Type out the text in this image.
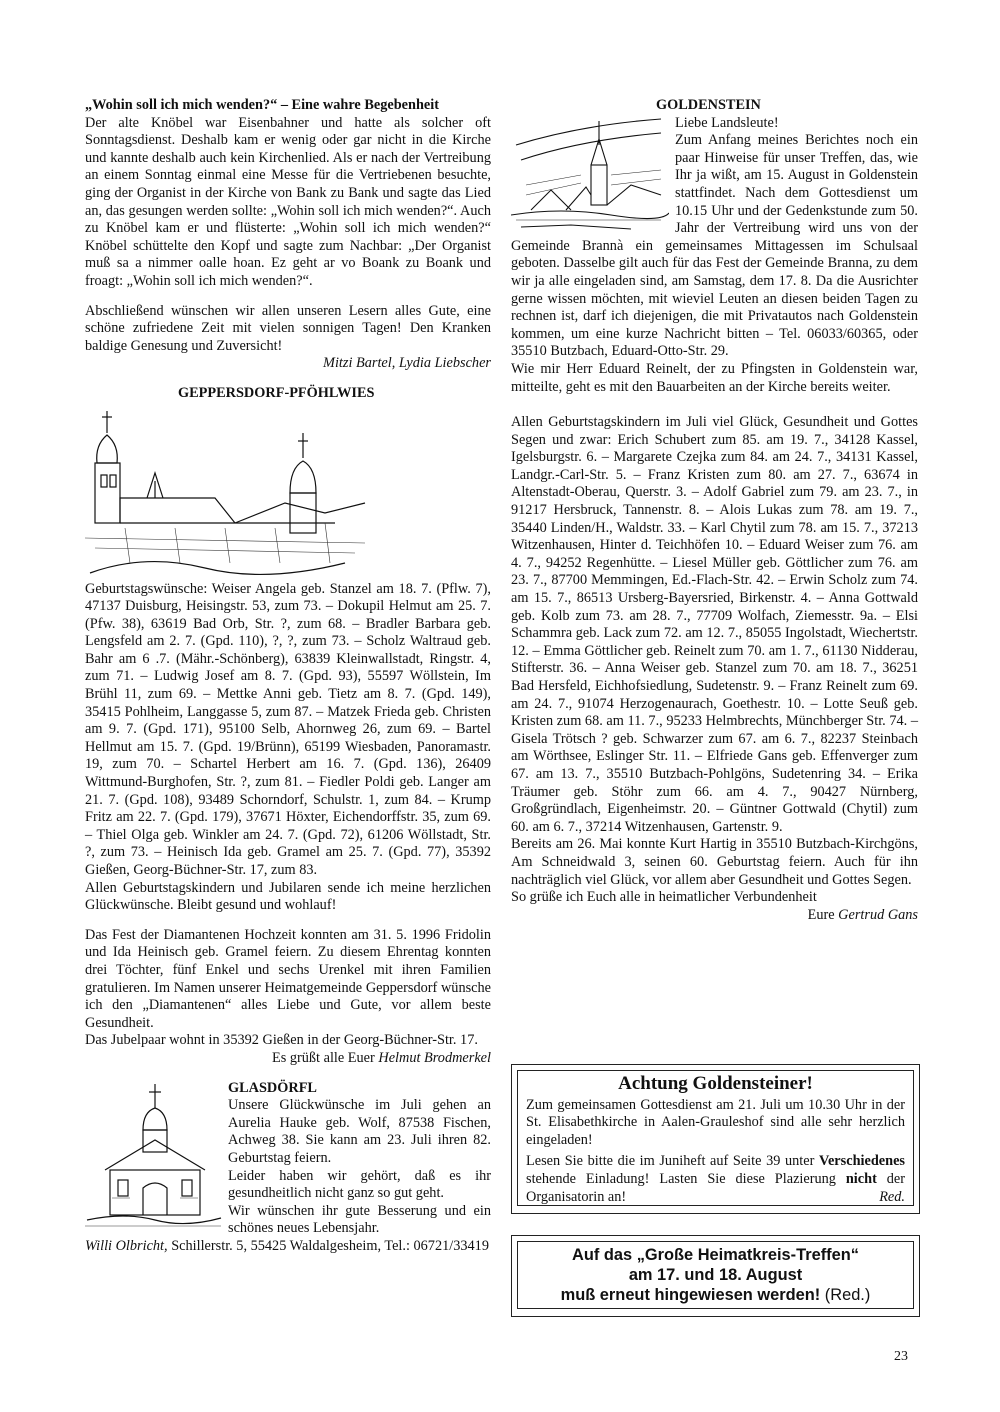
„Wohin soll ich mich wenden?“ – Eine wahre Begebenheit

Der alte Knöbel war Eisenbahner und hatte als solcher oft Sonntagsdienst. Deshalb kam er wenig oder gar nicht in die Kirche und kannte deshalb auch kein Kirchenlied. Als er nach der Vertreibung an einem Sonntag einmal eine Messe für die Vertriebenen besuchte, ging der Organist in der Kirche von Bank zu Bank und sagte das Lied an, das gesungen werden sollte: „Wohin soll ich mich wenden?“. Auch zu Knöbel kam er und flüsterte: „Wohin soll ich mich wenden?“ Knöbel schüttelte den Kopf und sagte zum Nachbar: „Der Organist muß sa a nimmer oalle hoan. Ez geht ar vo Boank zu Boank und froagt: „Wohin soll ich mich wenden?“.

Abschließend wünschen wir allen unseren Lesern alles Gute, eine schöne zufriedene Zeit mit vielen sonnigen Tagen! Den Kranken baldige Genesung und Zuversicht!

Mitzi Bartel, Lydia Liebscher

GEPPERSDORF-PFÖHLWIES

Geburtstagswünsche: Weiser Angela geb. Stanzel am 18. 7. (Pflw. 7), 47137 Duisburg, Heisingstr. 53, zum 73. – Dokupil Helmut am 25. 7. (Pfw. 38), 63619 Bad Orb, Str. ?, zum 68. – Bradler Barbara geb. Lengsfeld am 2. 7. (Gpd. 110), ?, ?, zum 73. – Scholz Waltraud geb. Bahr am 6 .7. (Mähr.-Schönberg), 63839 Kleinwallstadt, Ringstr. 4, zum 71. – Ludwig Josef am 8. 7. (Gpd. 93), 55597 Wöllstein, Im Brühl 11, zum 69. – Mettke Anni geb. Tietz am 8. 7. (Gpd. 149), 35415 Pohlheim, Langgasse 5, zum 87. – Matzek Frieda geb. Christen am 9. 7. (Gpd. 171), 95100 Selb, Ahornweg 26, zum 69. – Bartel Hellmut am 15. 7. (Gpd. 19/Brünn), 65199 Wiesbaden, Panoramastr. 19, zum 70. – Schartel Herbert am 16. 7. (Gpd. 136), 26409 Wittmund-Burghofen, Str. ?, zum 81. – Fiedler Poldi geb. Langer am 21. 7. (Gpd. 108), 93489 Schorndorf, Schulstr. 1, zum 84. – Krump Fritz am 22. 7. (Gpd. 179), 37671 Höxter, Eichendorffstr. 35, zum 69. – Thiel Olga geb. Winkler am 24. 7. (Gpd. 72), 61206 Wöllstadt, Str. ?, zum 73. – Heinisch Ida geb. Gramel am 25. 7. (Gpd. 77), 35392 Gießen, Georg-Büchner-Str. 17, zum 83.

Allen Geburtstagskindern und Jubilaren sende ich meine herzlichen Glückwünsche. Bleibt gesund und wohlauf!

Das Fest der Diamantenen Hochzeit konnten am 31. 5. 1996 Fridolin und Ida Heinisch geb. Gramel feiern. Zu diesem Ehrentag konnten drei Töchter, fünf Enkel und sechs Urenkel mit ihren Familien gratulieren. Im Namen unserer Heimatgemeinde Geppersdorf wünsche ich den „Diamantenen“ alles Liebe und Gute, vor allem beste Gesundheit.

Das Jubelpaar wohnt in 35392 Gießen in der Georg-Büchner-Str. 17.

Es grüßt alle Euer Helmut Brodmerkel

GLASDÖRFL

Unsere Glückwünsche im Juli gehen an Aurelia Hauke geb. Wolf, 87538 Fischen, Achweg 38. Sie kann am 23. Juli ihren 82. Geburtstag feiern.

Leider haben wir gehört, daß es ihr gesundheitlich nicht ganz so gut geht.

Wir wünschen ihr gute Besserung und ein schönes neues Lebensjahr.

Willi Olbricht, Schillerstr. 5, 55425 Waldalgesheim, Tel.: 06721/33419

GOLDENSTEIN

Liebe Landsleute!

Zum Anfang meines Berichtes noch ein paar Hinweise für unser Treffen, das, wie Ihr ja wißt, am 15. August in Goldenstein stattfindet. Nach dem Gottesdienst um 10.15 Uhr und der Gedenkstunde zum 50. Jahr der Vertreibung wird uns von der Gemeinde Brannà ein gemeinsames Mittagessen im Schulsaal geboten. Dasselbe gilt auch für das Fest der Gemeinde Branna, zu dem wir ja alle eingeladen sind, am Samstag, dem 17. 8. Da die Ausrichter gerne wissen möchten, mit wieviel Leuten an diesen beiden Tagen zu rechnen ist, darf ich diejenigen, die mit Privatautos nach Goldenstein kommen, um eine kurze Nachricht bitten – Tel. 06033/60365, oder 35510 Butzbach, Eduard-Otto-Str. 29.

Wie mir Herr Eduard Reinelt, der zu Pfingsten in Goldenstein war, mitteilte, geht es mit den Bauarbeiten an der Kirche bereits weiter.

Allen Geburtstagskindern im Juli viel Glück, Gesundheit und Gottes Segen und zwar: Erich Schubert zum 85. am 19. 7., 34128 Kassel, Igelsburgstr. 6. – Margarete Czejka zum 84. am 24. 7., 34131 Kassel, Landgr.-Carl-Str. 5. – Franz Kristen zum 80. am 27. 7., 63674 in Altenstadt-Oberau, Querstr. 3. – Adolf Gabriel zum 79. am 23. 7., in 91217 Hersbruck, Tannenstr. 8. – Alois Lukas zum 78. am 19. 7., 35440 Linden/H., Waldstr. 33. – Karl Chytil zum 78. am 15. 7., 37213 Witzenhausen, Hinter d. Teichhöfen 10. – Eduard Weiser zum 76. am 4. 7., 94252 Regenhütte. – Liesel Müller geb. Göttlicher zum 76. am 23. 7., 87700 Memmingen, Ed.-Flach-Str. 42. – Erwin Scholz zum 74. am 15. 7., 86513 Ursberg-Bayersried, Birkenstr. 4. – Anna Gottwald geb. Kolb zum 73. am 28. 7., 77709 Wolfach, Ziemesstr. 9a. – Elsi Schammra geb. Lack zum 72. am 12. 7., 85055 Ingolstadt, Wiechertstr. 12. – Emma Göttlicher geb. Reinelt zum 70. am 1. 7., 61130 Nidderau, Stifterstr. 36. – Anna Weiser geb. Stanzel zum 70. am 18. 7., 36251 Bad Hersfeld, Eichhofsiedlung, Sudetenstr. 9. – Franz Reinelt zum 69. am 24. 7., 91074 Herzogenaurach, Goethestr. 10. – Lotte Seuß geb. Kristen zum 68. am 11. 7., 95233 Helmbrechts, Münchberger Str. 74. – Gisela Trötsch ? geb. Schwarzer zum 67. am 6. 7., 82237 Steinbach am Wörthsee, Eslinger Str. 11. – Elfriede Gans geb. Effenverger zum 67. am 13. 7., 35510 Butzbach-Pohlgöns, Sudetenring 34. – Erika Träumer geb. Stöhr zum 66. am 4. 7., 90427 Nürnberg, Großgründlach, Eigenheimstr. 20. – Güntner Gottwald (Chytil) zum 60. am 6. 7., 37214 Witzenhausen, Gartenstr. 9.

Bereits am 26. Mai konnte Kurt Hartig in 35510 Butzbach-Kirchgöns, Am Schneidwald 3, seinen 60. Geburtstag feiern. Auch für ihn nachträglich viel Glück, vor allem aber Gesundheit und Gottes Segen.

So grüße ich Euch alle in heimatlicher Verbundenheit

Eure Gertrud Gans

Achtung Goldensteiner!

Zum gemeinsamen Gottesdienst am 21. Juli um 10.30 Uhr in der St. Elisabethkirche in Aalen-Grauleshof sind alle sehr herzlich eingeladen!

Lesen Sie bitte die im Juniheft auf Seite 39 unter Verschiedenes stehende Einladung! Lasten Sie diese Plazierung nicht der Organisatorin an!	Red.

Auf das „Große Heimatkreis-Treffen“
am 17. und 18. August
muß erneut hingewiesen werden! (Red.)
23
